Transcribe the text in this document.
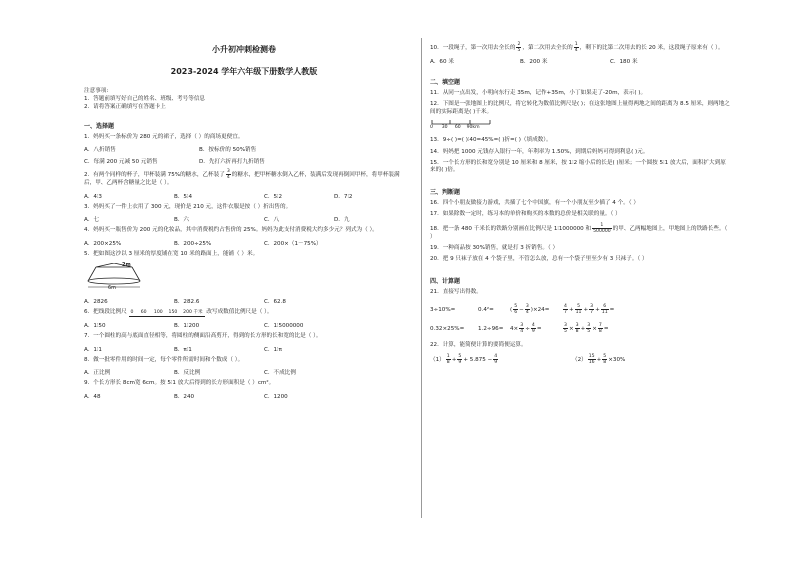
小升初冲刺检测卷
2023-2024 学年六年级下册数学人教版
注意事项:
1．答题前填写好自己的姓名、班级、考号等信息
2．请将答案正确填写在答题卡上
一、选择题
1．妈妈买一条标价为 280 元的裙子，选择（ ）的商场更便宜。
A．八折销售	B．按标价的 50%销售
C．每满 200 元减 50 元销售	D．先打六折再打九折销售
2．有两个同样的杯子，甲杯装满 75%的糖水，乙杯装了 $\frac{3}{4}$ 的糖水，把甲杯糖水倒入乙杯，装满后发现再倒回甲杯，将甲杯装满后，甲、乙两杯含糖量之比是（ ）。
A．4∶3	B．5∶4	C．5∶2	D．7∶2
3．妈妈买了一件上衣用了 300 元，现价是 210 元，这件衣服是按（ ）折出售的。
A．七	B．六	C．八	D．九
4．妈妈买一瓶售价为 200 元的化妆品，其中消费税约占售价的 25%。妈妈为此支付消费税大约多少元？列式为（ ）。
A．200×25%	B．200÷25%	C．200×（1－75%）
5．把如图这沙以 3 厘米的厚度铺在宽 10 米的路面上，能铺（ ）米。
2m
6m
A．2826	B．282.6	C．62.8
6．把线段比例尺 0 60 100 150 200 千米 改写成数值比例尺是（ ）。
A．1∶50	B．1∶200	C．1∶5000000
7．一个圆柱的高与底面直径相等，将圆柱的侧面沿高剪开，得到的长方形的长和宽的比是（ ）。
A．1∶1	B．π∶1	C．1∶π
8．做一批零件用的时间一定，每个零件所需时间和个数成（ ）。
A．正比例	B．反比例	C．不成比例
9．个长方形长 8cm宽 6cm。按 5∶1 放大后得到的长方形面积是（ ）cm²。
A．48	B．240	C．1200
10．一段绳子，第一次用去全长的 $\frac{2}{5}$ ，第二次用去全长的 $\frac{1}{4}$ ，剩下的比第二次用去的长 20 米，这段绳子原来有（ ）。
A．60 米	B．200 米	C．180 米
二、填空题
11．从同一点出发，小明向东行走 35m，记作+35m，小丁如果走了-20m，表示( )。
12．下图是一张地图上的比例尺，将它转化为数值比例尺是( )；在这张地图上量得两地之间的距离为 8.5 厘米，则两地之间的实际距离是( )千米。
0 30 60 90km
13．9÷( )=( )∶40=45%=( )折=( )（填成数）。
14．妈妈把 1000 元钱存入银行一年，年利率为 1.50%，到期后妈妈可得到利息( )元。
15．一个长方形的长和宽分别是 10 厘米和 8 厘米，按 1∶2 缩小后的长是( )厘米；一个圆按 5∶1 放大后，面积扩大到原来的( )倍。
三、判断题
16．四个小朋友做接力游戏，共插了七个中国旗，有一个小朋友至少插了 4 个。（ ）
17．如果除数一定时，练习本的单价和购买的本数的总价是相关联的量。（ ）
18．把一条 480 千米长的铁路分别画在比例尺是 1∶1000000 和 $\frac{1}{500000}$ 的甲、乙两幅地图上，甲地图上的铁路长些。（ ）
19．一种商品按 30%销售，就是打 3 折销售。（ ）
20．把 9 只袜子放在 4 个袋子里，不管怎么放，总有一个袋子里至少有 3 只袜子。（ ）
四、计算题
21．直接写出得数。
3÷10%=	0.4²=	( $\frac{5}{6} - \frac{3}{4} )\times 24=$	$\frac{4}{7} + \frac{5}{11} + \frac{3}{7} + \frac{6}{11}$ =
0.32×25%=	1.2÷96=	$4\times \frac{3}{4} \div \frac{4}{9}$ =	$\frac{3}{5} \times \frac{3}{8} + \frac{3}{5} \times \frac{7}{8}$ =
22．计算，能简便计算的要简便运算。
$(1) \frac{1}{8} + \frac{5}{9} + 5.875 - \frac{4}{9}$	$(2) \frac{15}{16} + \frac{5}{8} \times 30\%$
